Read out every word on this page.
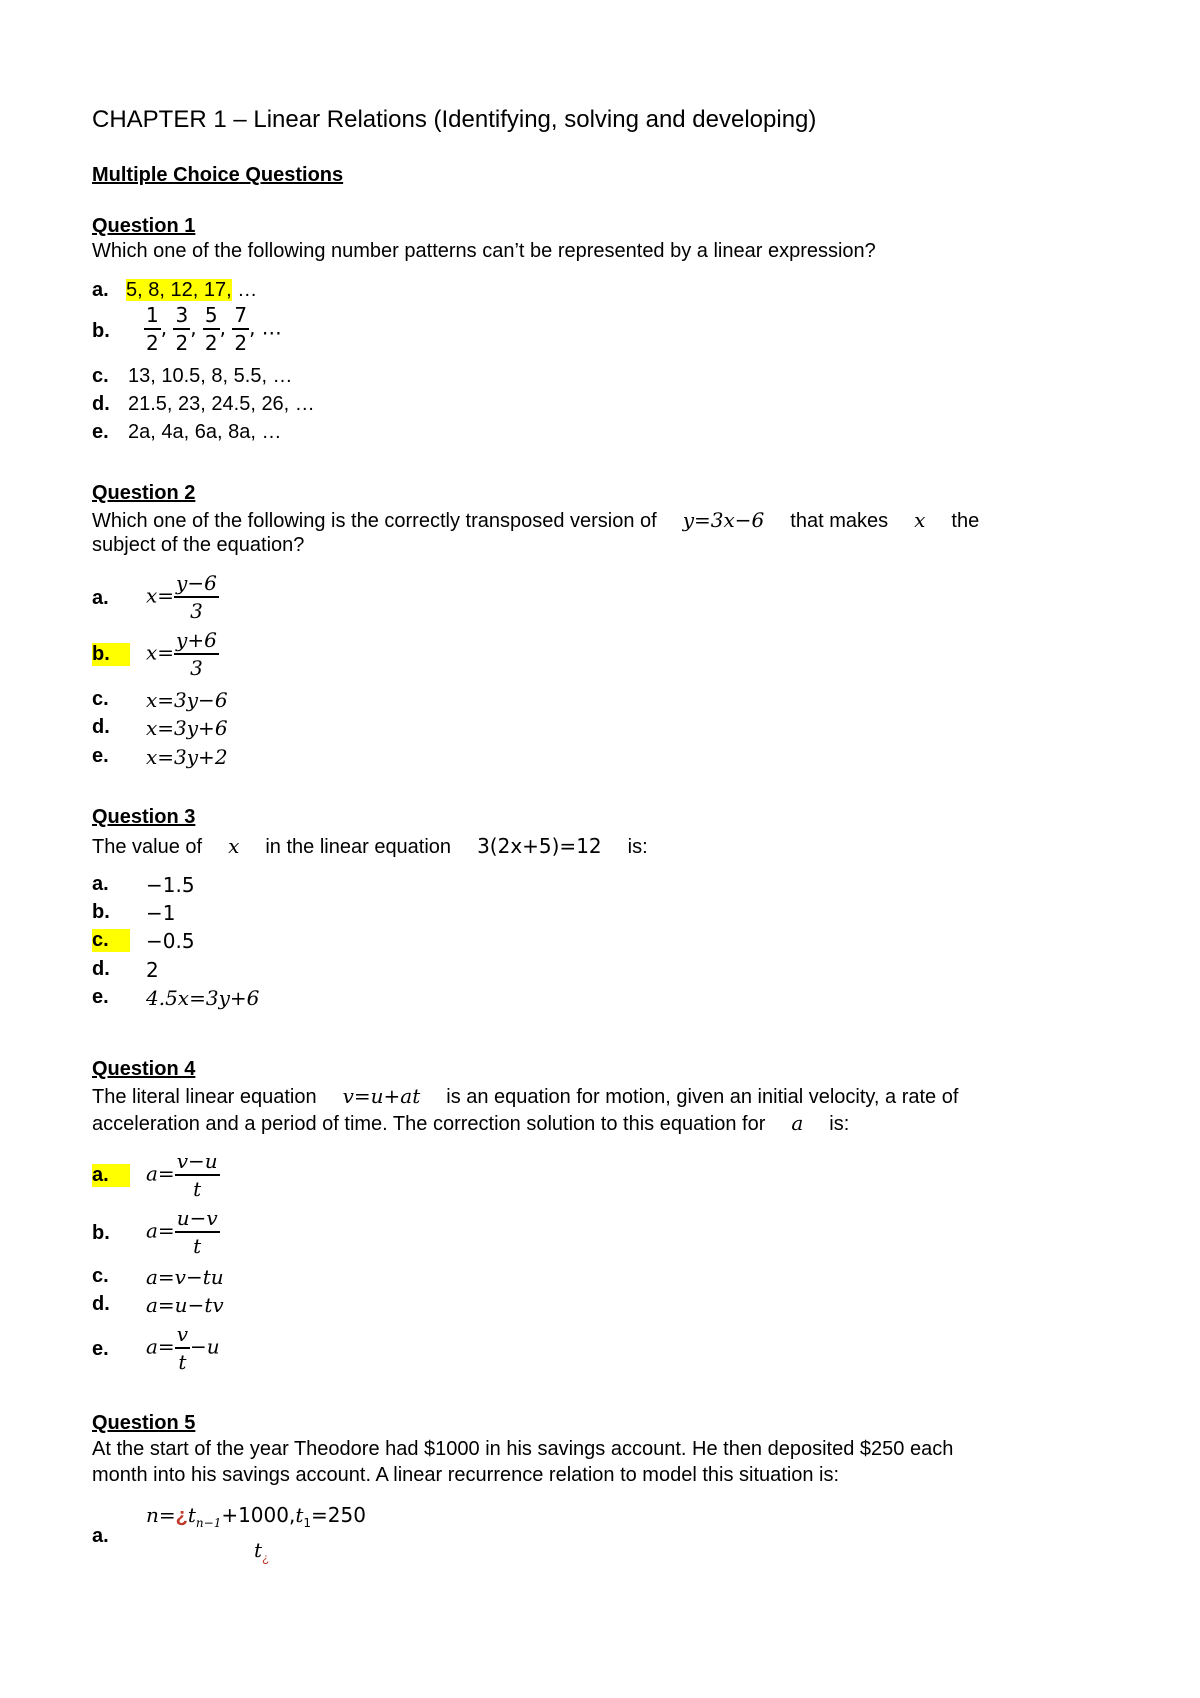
CHAPTER 1 – Linear Relations (Identifying, solving and developing)
Multiple Choice Questions
Question 1
Which one of the following number patterns can’t be represented by a linear expression?
a. 5, 8, 12, 17, …
b. $\frac{1}{2}$ , $\frac{3}{2}$ , $\frac{5}{2}$ , $\frac{7}{2}$ , …
c. 13, 10.5, 8, 5.5, …
d. 21.5, 23, 24.5, 26, …
e. 2a, 4a, 6a, 8a, …
Question 2
Which one of the following is the correctly transposed version of y=3x−6 that makes x the
subject of the equation?
a. $x= \frac{y-6}{3}$
b.	$x= \frac{y+6}{3}$
c. x=3y−6
d. x=3y+6
e. x=3y+2
Question 3
The value of x in the linear equation 3(2x+5)=12 is:
a. −1.5
b. −1
c.	−0.5
d. 2
e. 4.5x=3y+6
Question 4
The literal linear equation v=u+at is an equation for motion, given an initial velocity, a rate of
acceleration and a period of time. The correction solution to this equation for a is:
a.	$a= \frac{v-u}{t}$
b. $a= \frac{u-v}{t}$
c. a=v−tu
d. a=u−tv
e. $a= \frac{v}{t} -u$
Question 5
At the start of the year Theodore had $1000 in his savings account. He then deposited $250 each
month into his savings account. A linear recurrence relation to model this situation is:
a.
$n=¿t_{n-1}+1000,t_1=250$
$t_¿$
